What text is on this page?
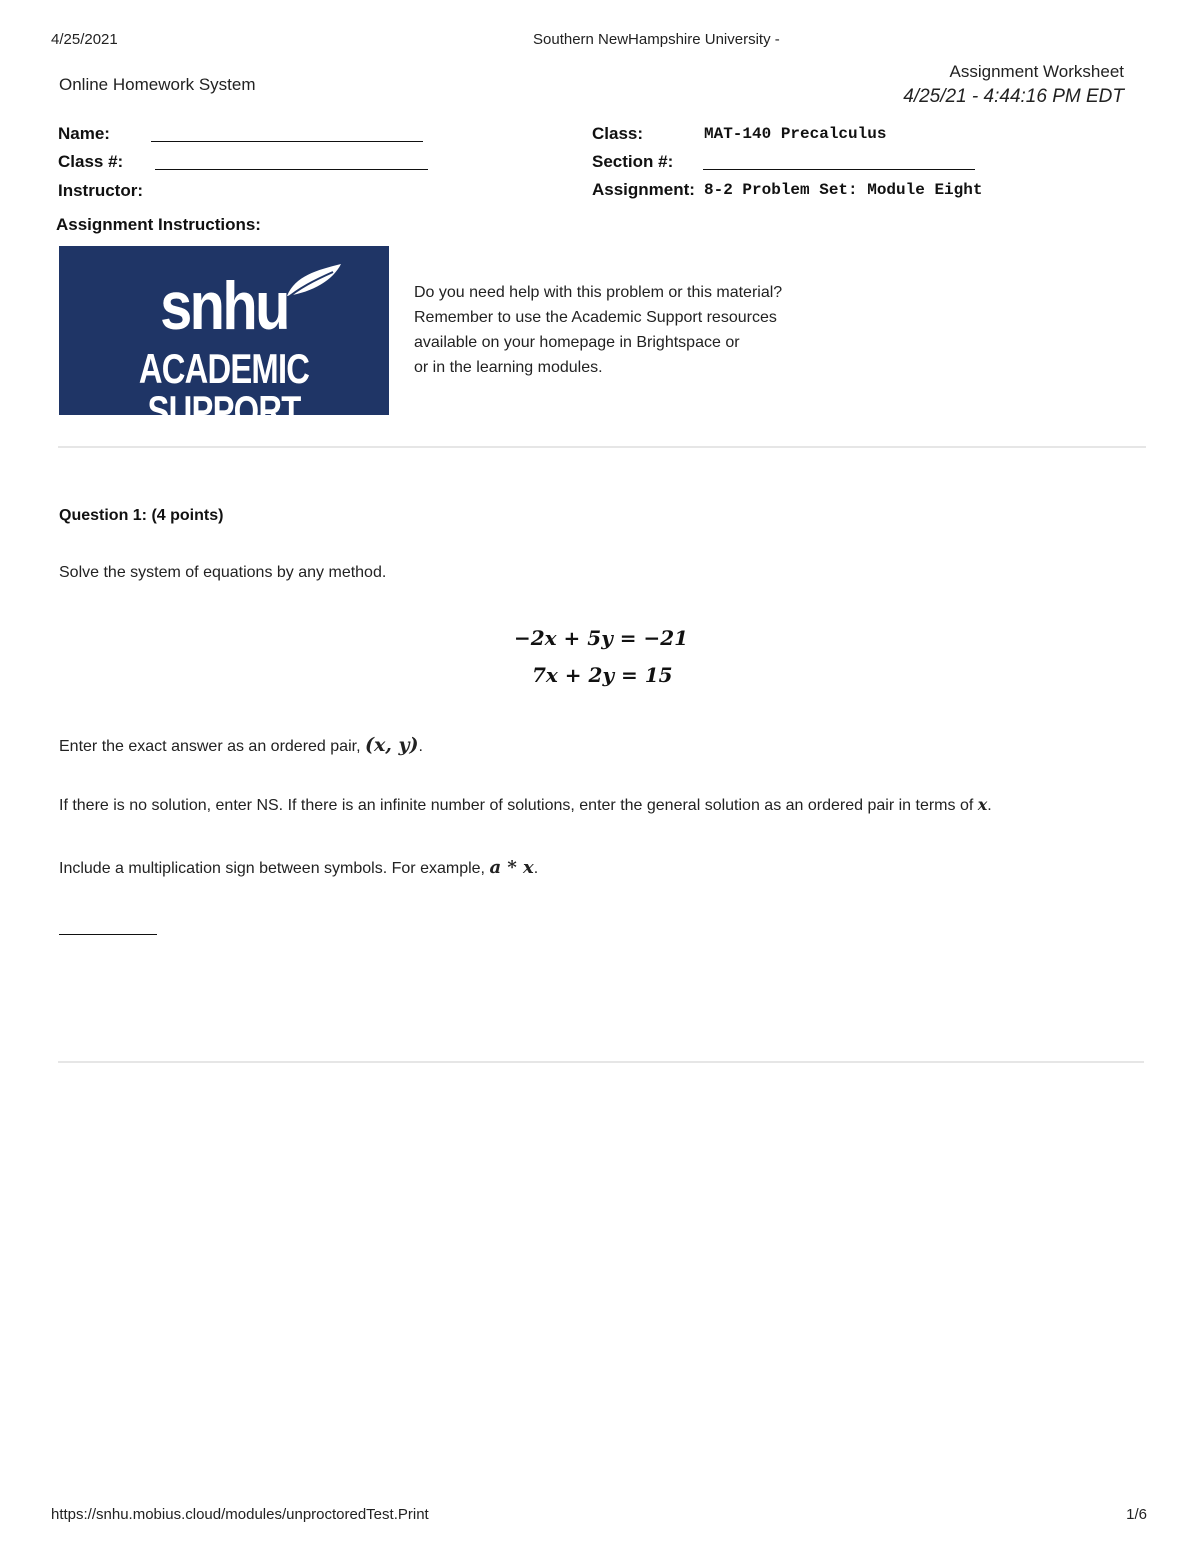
4/25/2021	Southern NewHampshire University -
Online Homework System
Assignment Worksheet
4/25/21 - 4:44:16 PM EDT
Name:
Class #:
Instructor:
Class:	MAT-140 Precalculus
Section #:
Assignment: 8-2 Problem Set: Module Eight
Assignment Instructions:
snhu
ACADEMIC SUPPORT

Do you need help with this problem or this material?

Remember to use the Academic Support resources

available on your homepage in Brightspace or

or in the learning modules.

Question 1: (4 points)
Solve the system of equations by any method.
−2x + 5y = −21
7x + 2y = 15
Enter the exact answer as an ordered pair, (x, y).
If there is no solution, enter NS. If there is an infinite number of solutions, enter the general solution as an ordered pair in terms of x.
Include a multiplication sign between symbols. For example, a * x.
https://snhu.mobius.cloud/modules/unproctoredTest.Print	1/6
